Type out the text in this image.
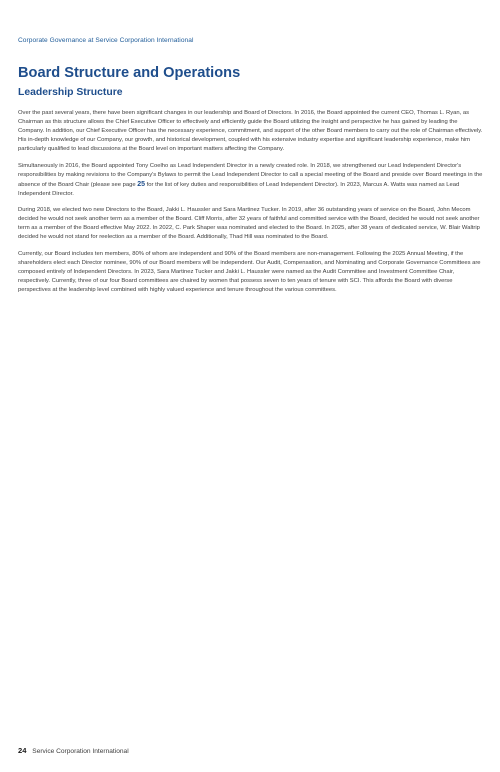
Corporate Governance at Service Corporation International
Board Structure and Operations
Leadership Structure

Over the past several years, there have been significant changes in our leadership and Board of Directors. In 2016, the Board appointed the current CEO, Thomas L. Ryan, as Chairman as this structure allows the Chief Executive Officer to effectively and efficiently guide the Board utilizing the insight and perspective he has gained by leading the Company. In addition, our Chief Executive Officer has the necessary experience, commitment, and support of the other Board members to carry out the role of Chairman effectively. His in-depth knowledge of our Company, our growth, and historical development, coupled with his extensive industry expertise and significant leadership experience, make him particularly qualified to lead discussions at the Board level on important matters affecting the Company.

Simultaneously in 2016, the Board appointed Tony Coelho as Lead Independent Director in a newly created role. In 2018, we strengthened our Lead Independent Director's responsibilities by making revisions to the Company's Bylaws to permit the Lead Independent Director to call a special meeting of the Board and preside over Board meetings in the absence of the Board Chair (please see page 25 for the list of key duties and responsibilities of Lead Independent Director). In 2023, Marcus A. Watts was named as Lead Independent Director.

During 2018, we elected two new Directors to the Board, Jakki L. Haussler and Sara Martinez Tucker. In 2019, after 36 outstanding years of service on the Board, John Mecom decided he would not seek another term as a member of the Board. Cliff Morris, after 32 years of faithful and committed service with the Board, decided he would not seek another term as a member of the Board effective May 2022. In 2022, C. Park Shaper was nominated and elected to the Board. In 2025, after 38 years of dedicated service, W. Blair Waltrip decided he would not stand for reelection as a member of the Board. Additionally, Thad Hill was nominated to the Board.

Currently, our Board includes ten members, 80% of whom are independent and 90% of the Board members are non-management. Following the 2025 Annual Meeting, if the shareholders elect each Director nominee, 90% of our Board members will be independent. Our Audit, Compensation, and Nominating and Corporate Governance Committees are composed entirely of Independent Directors. In 2023, Sara Martinez Tucker and Jakki L. Haussler were named as the Audit Committee and Investment Committee Chair, respectively. Currently, three of our four Board committees are chaired by women that possess seven to ten years of tenure with SCI. This affords the Board with diverse perspectives at the leadership level combined with highly valued experience and tenure throughout the various committees.

24 Service Corporation International
